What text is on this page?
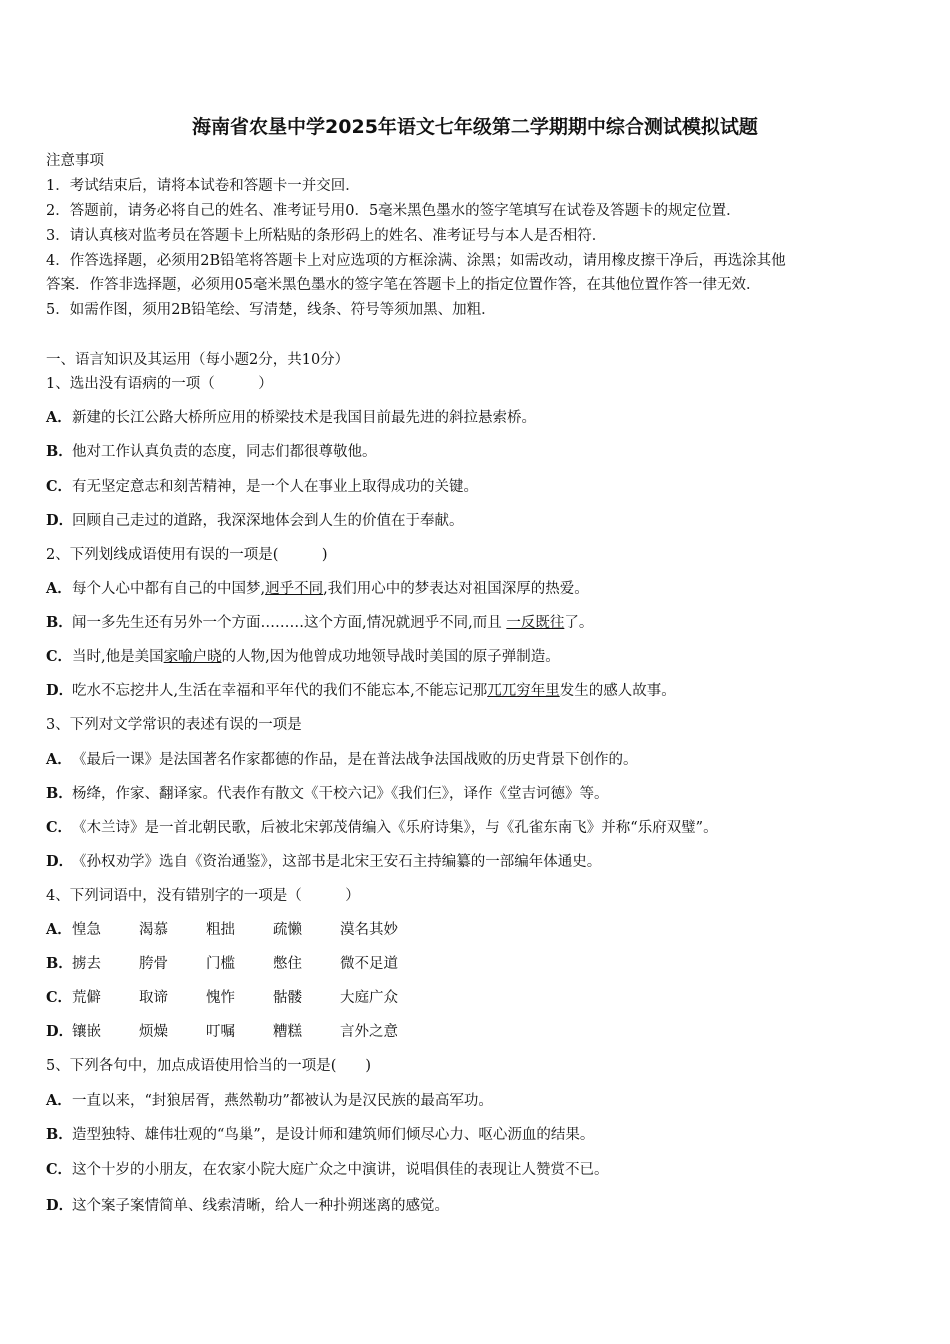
海南省农垦中学2025年语文七年级第二学期期中综合测试模拟试题
注意事项
1．考试结束后，请将本试卷和答题卡一并交回．
2．答题前，请务必将自己的姓名、准考证号用0．5毫米黑色墨水的签字笔填写在试卷及答题卡的规定位置．
3．请认真核对监考员在答题卡上所粘贴的条形码上的姓名、准考证号与本人是否相符．
4．作答选择题，必须用2B铅笔将答题卡上对应选项的方框涂满、涂黑；如需改动，请用橡皮擦干净后，再选涂其他
答案．作答非选择题，必须用05毫米黑色墨水的签字笔在答题卡上的指定位置作答，在其他位置作答一律无效．
5．如需作图，须用2B铅笔绘、写清楚，线条、符号等须加黑、加粗．
一、语言知识及其运用（每小题2分，共10分）
1、选出没有语病的一项（　　　）
A．新建的长江公路大桥所应用的桥梁技术是我国目前最先进的斜拉悬索桥。
B．他对工作认真负责的态度，同志们都很尊敬他。
C．有无坚定意志和刻苦精神，是一个人在事业上取得成功的关键。
D．回顾自己走过的道路，我深深地体会到人生的价值在于奉献。
2、下列划线成语使用有误的一项是(　　　)
A．每个人心中都有自己的中国梦,迥乎不同,我们用心中的梦表达对祖国深厚的热爱。
B．闻一多先生还有另外一个方面………这个方面,情况就迥乎不同,而且 一反既往了。
C．当时,他是美国家喻户晓的人物,因为他曾成功地领导战时美国的原子弹制造。
D．吃水不忘挖井人,生活在幸福和平年代的我们不能忘本,不能忘记那兀兀穷年里发生的感人故事。
3、下列对文学常识的表述有误的一项是
A．《最后一课》是法国著名作家都德的作品，是在普法战争法国战败的历史背景下创作的。
B．杨绛，作家、翻译家。代表作有散文《干校六记》《我们仨》，译作《堂吉诃德》等。
C．《木兰诗》是一首北朝民歌，后被北宋郭茂倩编入《乐府诗集》，与《孔雀东南飞》并称“乐府双璧”。
D．《孙权劝学》选自《资治通鉴》，这部书是北宋王安石主持编纂的一部编年体通史。
4、下列词语中，没有错别字的一项是（　　　）
A．惶急	渴慕	粗拙	疏懒	漠名其妙
B．掳去	胯骨	门槛	憋住	微不足道
C．荒僻	取谛	愧怍	骷髅	大庭广众
D．镶嵌	烦燥	叮嘱	糟糕	言外之意
5、下列各句中，加点成语使用恰当的一项是(　　)
A．一直以来，“封狼居胥，燕然勒功”都被认为是汉民族的最高军功。
B．造型独特、雄伟壮观的“鸟巢”，是设计师和建筑师们倾尽心力、呕心沥血的结果。
C．这个十岁的小朋友，在农家小院大庭广众之中演讲，说唱俱佳的表现让人赞赏不已。
D．这个案子案情简单、线索清晰，给人一种扑朔迷离的感觉。
